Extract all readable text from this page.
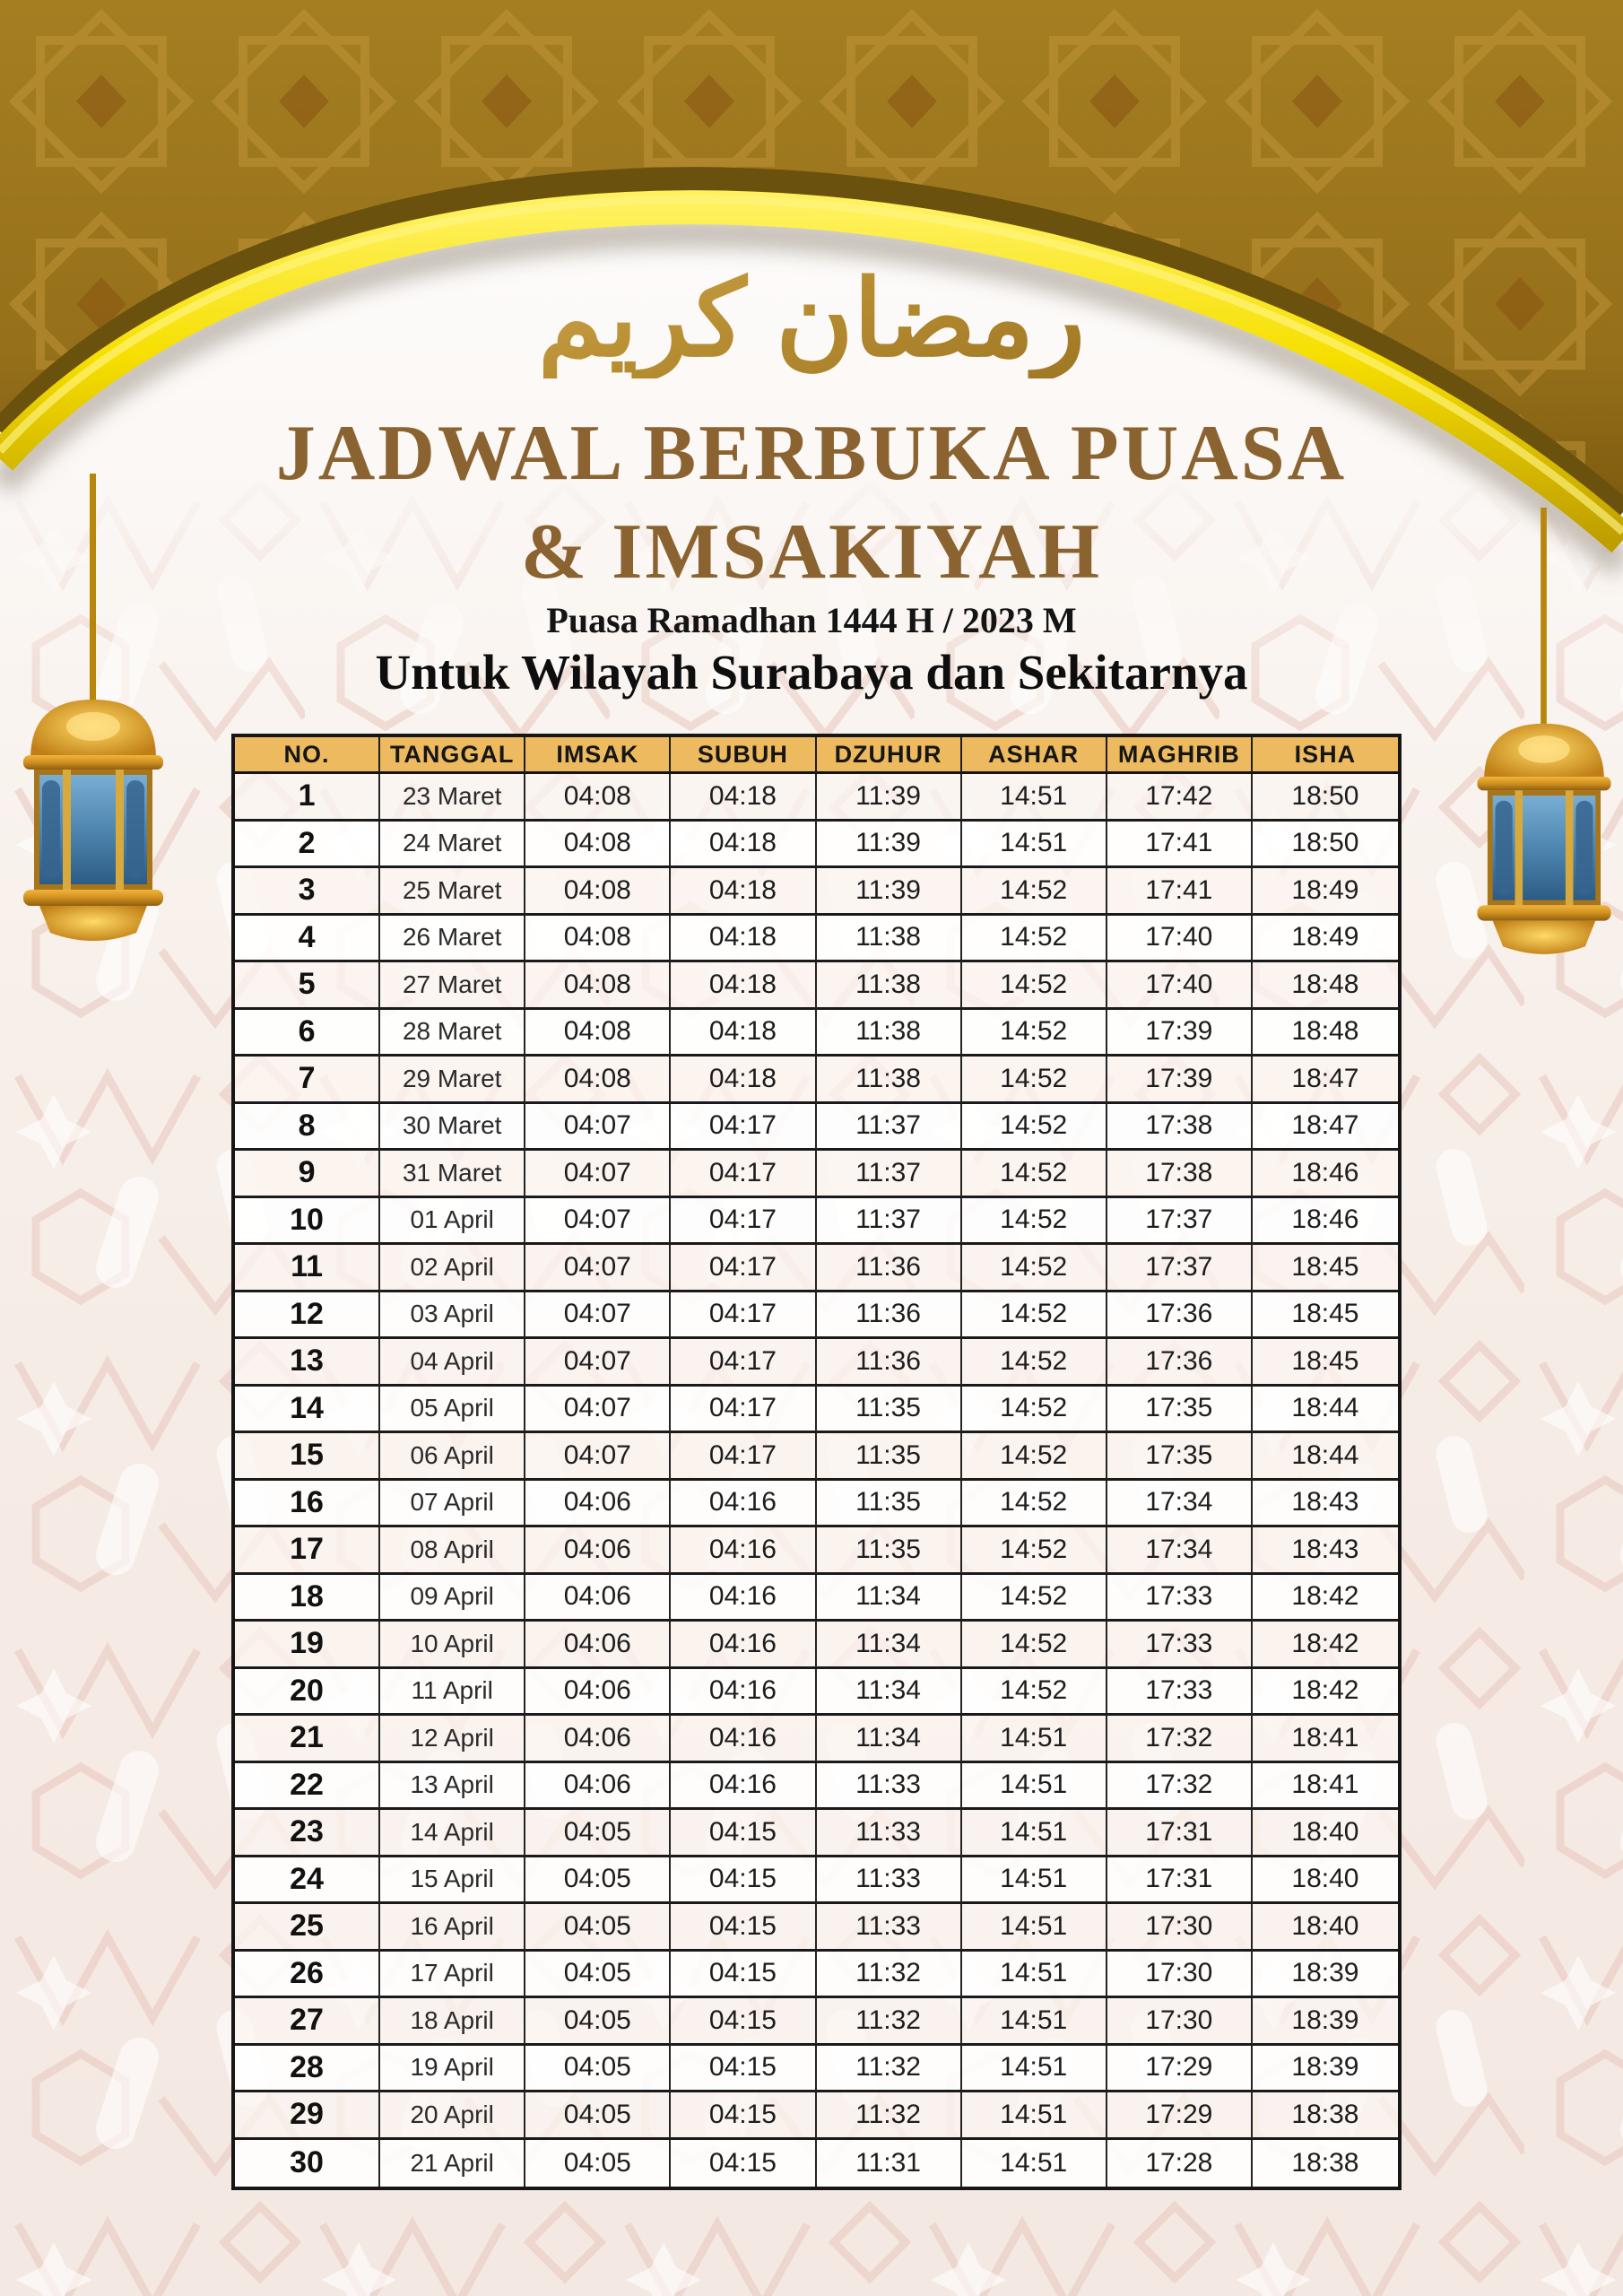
رمضان كريم
JADWAL BERBUKA PUASA
& IMSAKIYAH
Puasa Ramadhan 1444 H / 2023 M
Untuk Wilayah Surabaya dan Sekitarnya
NO.	TANGGAL	IMSAK	SUBUH	DZUHUR	ASHAR	MAGHRIB	ISHA
1	23 Maret	04:08	04:18	11:39	14:51	17:42	18:50
2	24 Maret	04:08	04:18	11:39	14:51	17:41	18:50
3	25 Maret	04:08	04:18	11:39	14:52	17:41	18:49
4	26 Maret	04:08	04:18	11:38	14:52	17:40	18:49
5	27 Maret	04:08	04:18	11:38	14:52	17:40	18:48
6	28 Maret	04:08	04:18	11:38	14:52	17:39	18:48
7	29 Maret	04:08	04:18	11:38	14:52	17:39	18:47
8	30 Maret	04:07	04:17	11:37	14:52	17:38	18:47
9	31 Maret	04:07	04:17	11:37	14:52	17:38	18:46
10	01 April	04:07	04:17	11:37	14:52	17:37	18:46
11	02 April	04:07	04:17	11:36	14:52	17:37	18:45
12	03 April	04:07	04:17	11:36	14:52	17:36	18:45
13	04 April	04:07	04:17	11:36	14:52	17:36	18:45
14	05 April	04:07	04:17	11:35	14:52	17:35	18:44
15	06 April	04:07	04:17	11:35	14:52	17:35	18:44
16	07 April	04:06	04:16	11:35	14:52	17:34	18:43
17	08 April	04:06	04:16	11:35	14:52	17:34	18:43
18	09 April	04:06	04:16	11:34	14:52	17:33	18:42
19	10 April	04:06	04:16	11:34	14:52	17:33	18:42
20	11 April	04:06	04:16	11:34	14:52	17:33	18:42
21	12 April	04:06	04:16	11:34	14:51	17:32	18:41
22	13 April	04:06	04:16	11:33	14:51	17:32	18:41
23	14 April	04:05	04:15	11:33	14:51	17:31	18:40
24	15 April	04:05	04:15	11:33	14:51	17:31	18:40
25	16 April	04:05	04:15	11:33	14:51	17:30	18:40
26	17 April	04:05	04:15	11:32	14:51	17:30	18:39
27	18 April	04:05	04:15	11:32	14:51	17:30	18:39
28	19 April	04:05	04:15	11:32	14:51	17:29	18:39
29	20 April	04:05	04:15	11:32	14:51	17:29	18:38
30	21 April	04:05	04:15	11:31	14:51	17:28	18:38
